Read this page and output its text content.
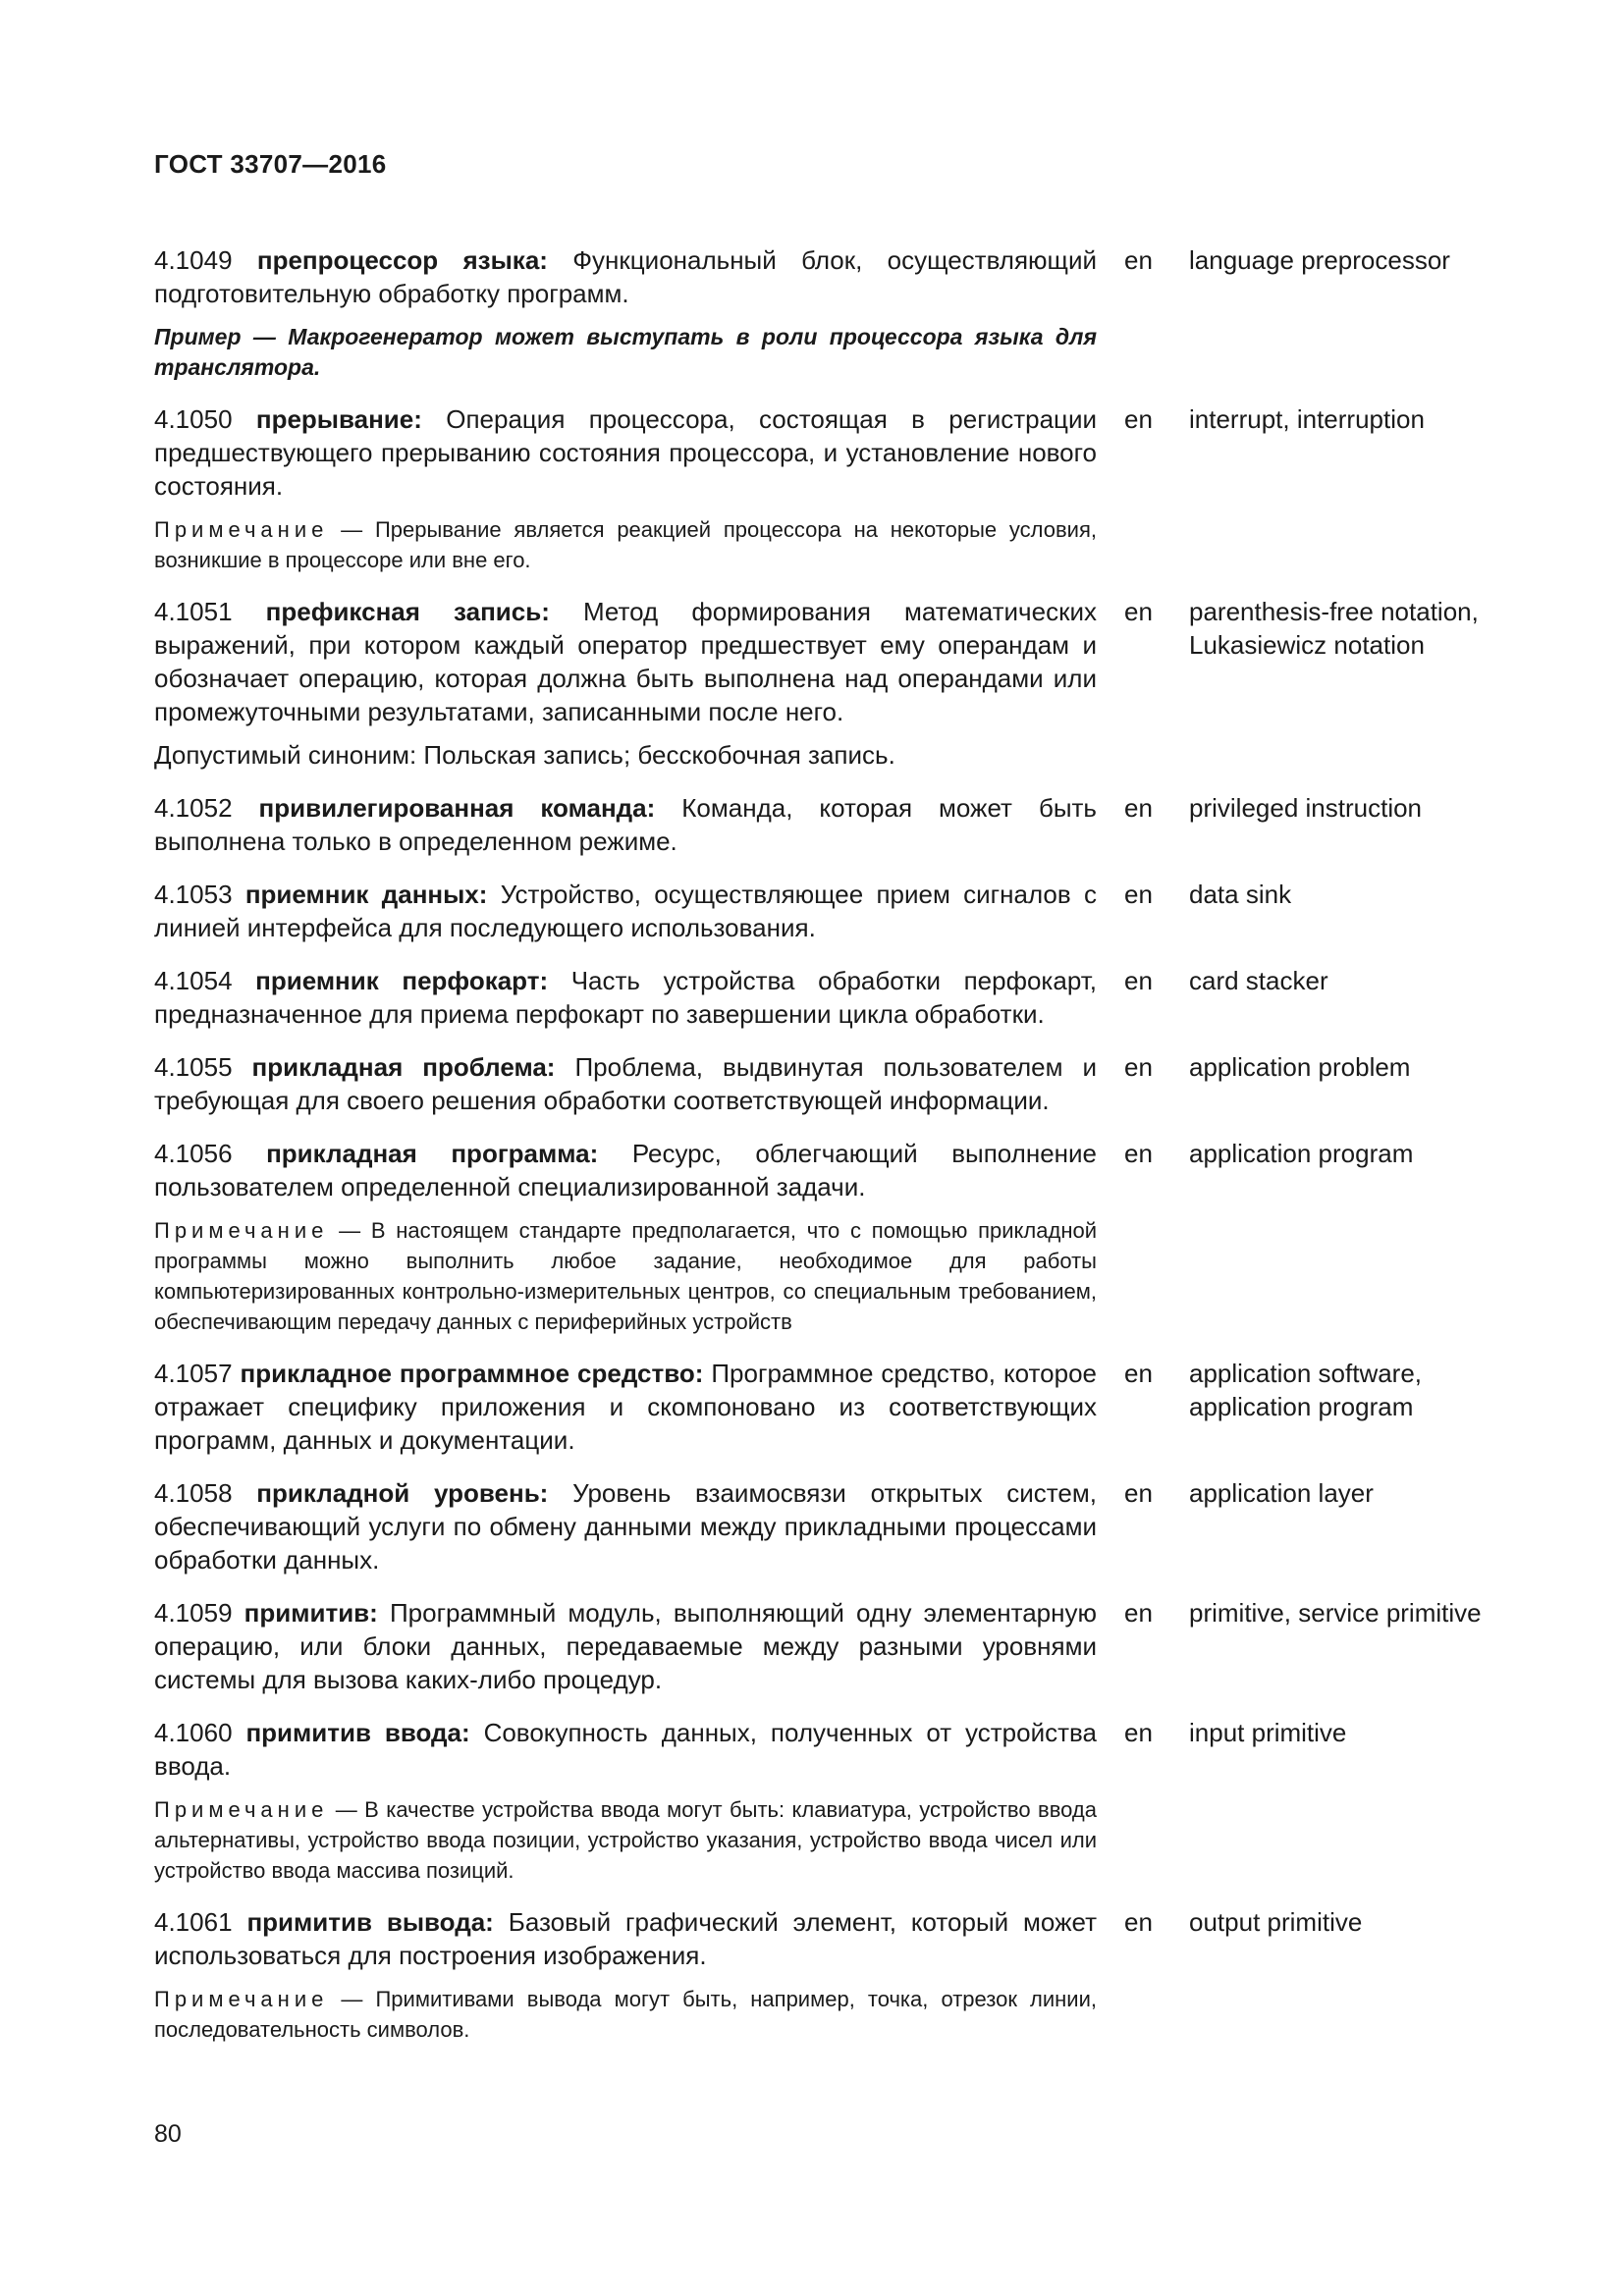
ГОСТ 33707—2016
4.1049 препроцессор языка: Функциональный блок, осуществляющий подготовительную обработку программ.
Пример — Макрогенератор может выступать в роли процессора языка для транслятора.
en	language preprocessor
4.1050 прерывание: Операция процессора, состоящая в регистрации предшествующего прерыванию состояния процессора, и установление нового состояния.
Примечание — Прерывание является реакцией процессора на некоторые условия, возникшие в процессоре или вне его.
en	interrupt, interruption
4.1051 префиксная запись: Метод формирования математических выражений, при котором каждый оператор предшествует ему операндам и обозначает операцию, которая должна быть выполнена над операндами или промежуточными результатами, записанными после него.
Допустимый синоним: Польская запись; бесскобочная запись.
en	parenthesis-free notation, Lukasiewicz notation
4.1052 привилегированная команда: Команда, которая может быть выполнена только в определенном режиме.
en	privileged instruction
4.1053 приемник данных: Устройство, осуществляющее прием сигналов с линией интерфейса для последующего использования.
en	data sink
4.1054 приемник перфокарт: Часть устройства обработки перфокарт, предназначенное для приема перфокарт по завершении цикла обработки.
en	card stacker
4.1055 прикладная проблема: Проблема, выдвинутая пользователем и требующая для своего решения обработки соответствующей информации.
en	application problem
4.1056 прикладная программа: Ресурс, облегчающий выполнение пользователем определенной специализированной задачи.
Примечание — В настоящем стандарте предполагается, что с помощью прикладной программы можно выполнить любое задание, необходимое для работы компьютеризированных контрольно-измерительных центров, со специальным требованием, обеспечивающим передачу данных с периферийных устройств
en	application program
4.1057 прикладное программное средство: Программное средство, которое отражает специфику приложения и скомпоновано из соответствующих программ, данных и документации.
en	application software, application program
4.1058 прикладной уровень: Уровень взаимосвязи открытых систем, обеспечивающий услуги по обмену данными между прикладными процессами обработки данных.
en	application layer
4.1059 примитив: Программный модуль, выполняющий одну элементарную операцию, или блоки данных, передаваемые между разными уровнями системы для вызова каких-либо процедур.
en	primitive, service primitive
4.1060 примитив ввода: Совокупность данных, полученных от устройства ввода.
Примечание — В качестве устройства ввода могут быть: клавиатура, устройство ввода альтернативы, устройство ввода позиции, устройство указания, устройство ввода чисел или устройство ввода массива позиций.
en	input primitive
4.1061 примитив вывода: Базовый графический элемент, который может использоваться для построения изображения.
Примечание — Примитивами вывода могут быть, например, точка, отрезок линии, последовательность символов.
en	output primitive
80
